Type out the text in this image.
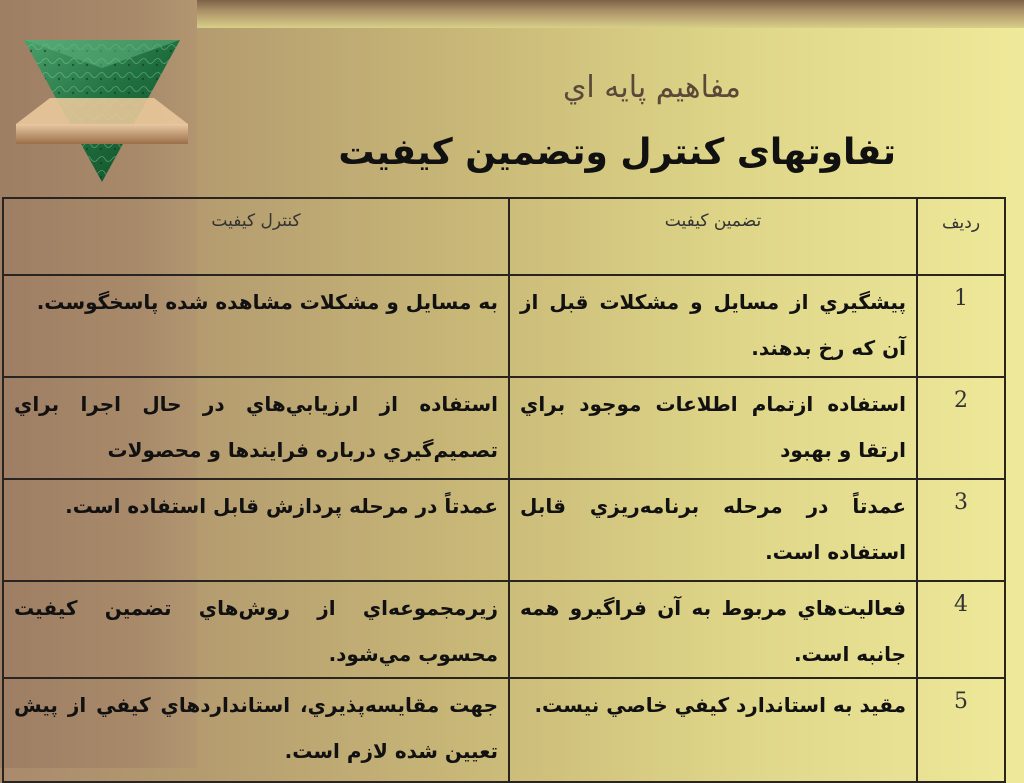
مفاهيم پايه اي
تفاوتهای کنترل وتضمین کیفیت
رديف	تضمين كيفيت	كنترل كيفيت
1	پيشگيري از مسايل و مشكلات قبل از آن كه رخ بدهند.	به مسايل و مشكلات مشاهده شده پاسخگوست.
2	استفاده ازتمام اطلاعات موجود براي ارتقا و بهبود	استفاده از ارزيابي‌هاي در حال اجرا براي تصميم‌گيري درباره فرايندها و محصولات
3	عمدتاً در مرحله برنامه‌ريزي قابل استفاده است.	عمدتاً در مرحله پردازش قابل استفاده است.
4	فعاليت‌هاي مربوط به آن فراگيرو همه جانبه است.	زيرمجموعه‌اي از روش‌هاي تضمين كيفيت محسوب مي‌شود.
5	مقيد به استاندارد كيفي خاصي نيست.	جهت مقايسه‌پذيري، استانداردهاي كيفي از پيش تعيين شده لازم است.
